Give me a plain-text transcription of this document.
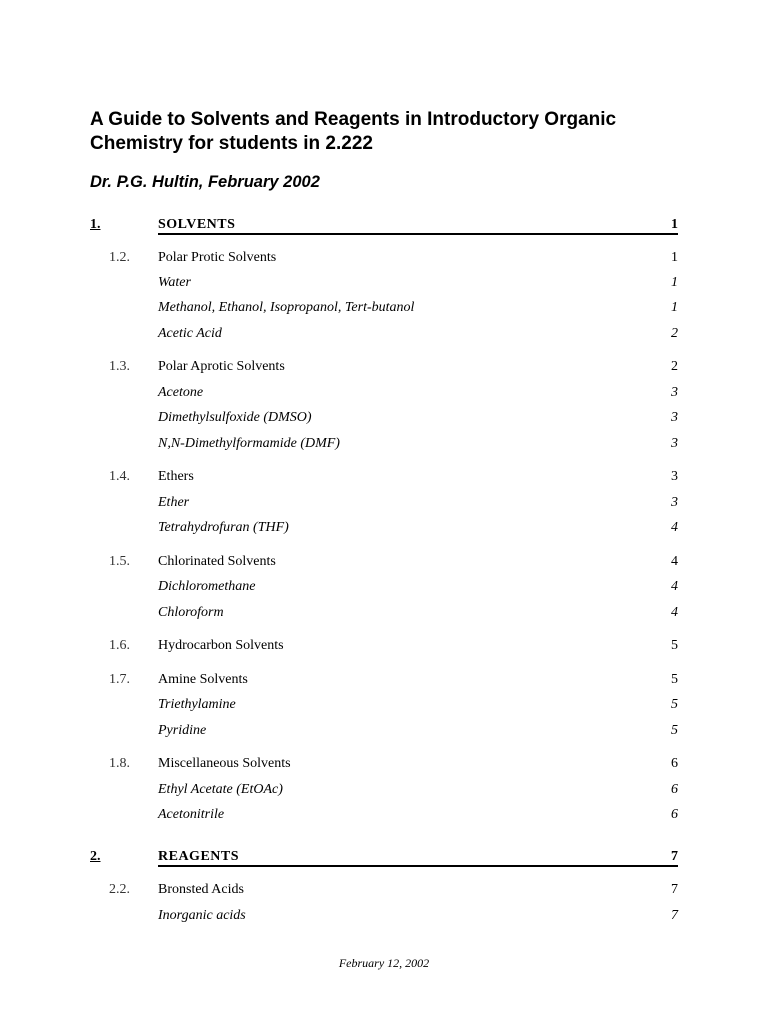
A Guide to Solvents and Reagents in Introductory Organic Chemistry for students in 2.222

Dr. P.G. Hultin, February 2002

1.	SOLVENTS	1
1.2. Polar Protic Solvents	1
Water	1
Methanol, Ethanol, Isopropanol, Tert-butanol	1
Acetic Acid	2
1.3. Polar Aprotic Solvents	2
Acetone	3
Dimethylsulfoxide (DMSO)	3
N,N-Dimethylformamide (DMF)	3
1.4. Ethers	3
Ether	3
Tetrahydrofuran (THF)	4
1.5. Chlorinated Solvents	4
Dichloromethane	4
Chloroform	4
1.6. Hydrocarbon Solvents	5
1.7. Amine Solvents	5
Triethylamine	5
Pyridine	5
1.8. Miscellaneous Solvents	6
Ethyl Acetate (EtOAc)	6
Acetonitrile	6
2.	REAGENTS	7
2.2. Bronsted Acids	7
Inorganic acids	7
February 12, 2002
